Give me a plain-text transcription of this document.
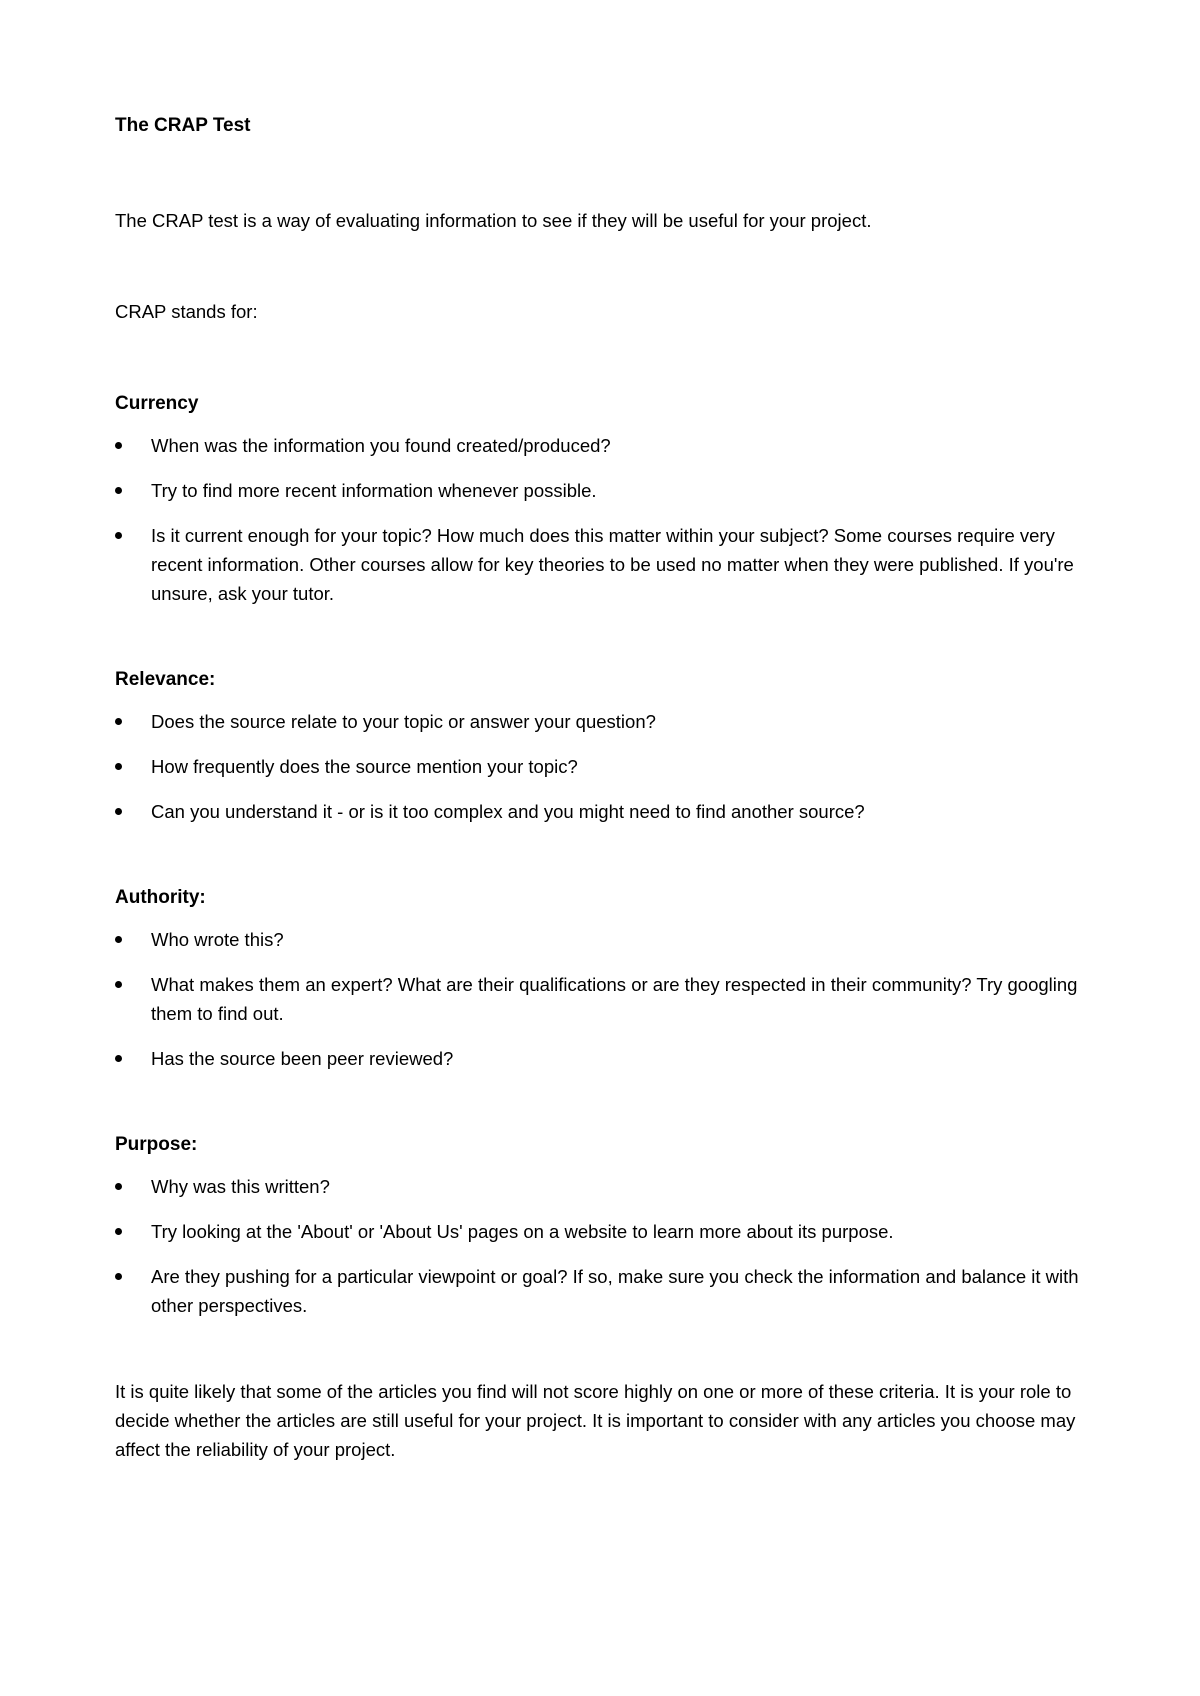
The CRAP Test

The CRAP test is a way of evaluating information to see if they will be useful for your project.

CRAP stands for:

Currency
When was the information you found created/produced?
Try to find more recent information whenever possible.
Is it current enough for your topic? How much does this matter within your subject? Some courses require very recent information. Other courses allow for key theories to be used no matter when they were published. If you're unsure, ask your tutor.
Relevance:
Does the source relate to your topic or answer your question?
How frequently does the source mention your topic?
Can you understand it - or is it too complex and you might need to find another source?
Authority:
Who wrote this?
What makes them an expert? What are their qualifications or are they respected in their community? Try googling them to find out.
Has the source been peer reviewed?
Purpose:
Why was this written?
Try looking at the 'About' or 'About Us' pages on a website to learn more about its purpose.
Are they pushing for a particular viewpoint or goal? If so, make sure you check the information and balance it with other perspectives.

It is quite likely that some of the articles you find will not score highly on one or more of these criteria. It is your role to decide whether the articles are still useful for your project. It is important to consider with any articles you choose may affect the reliability of your project.
